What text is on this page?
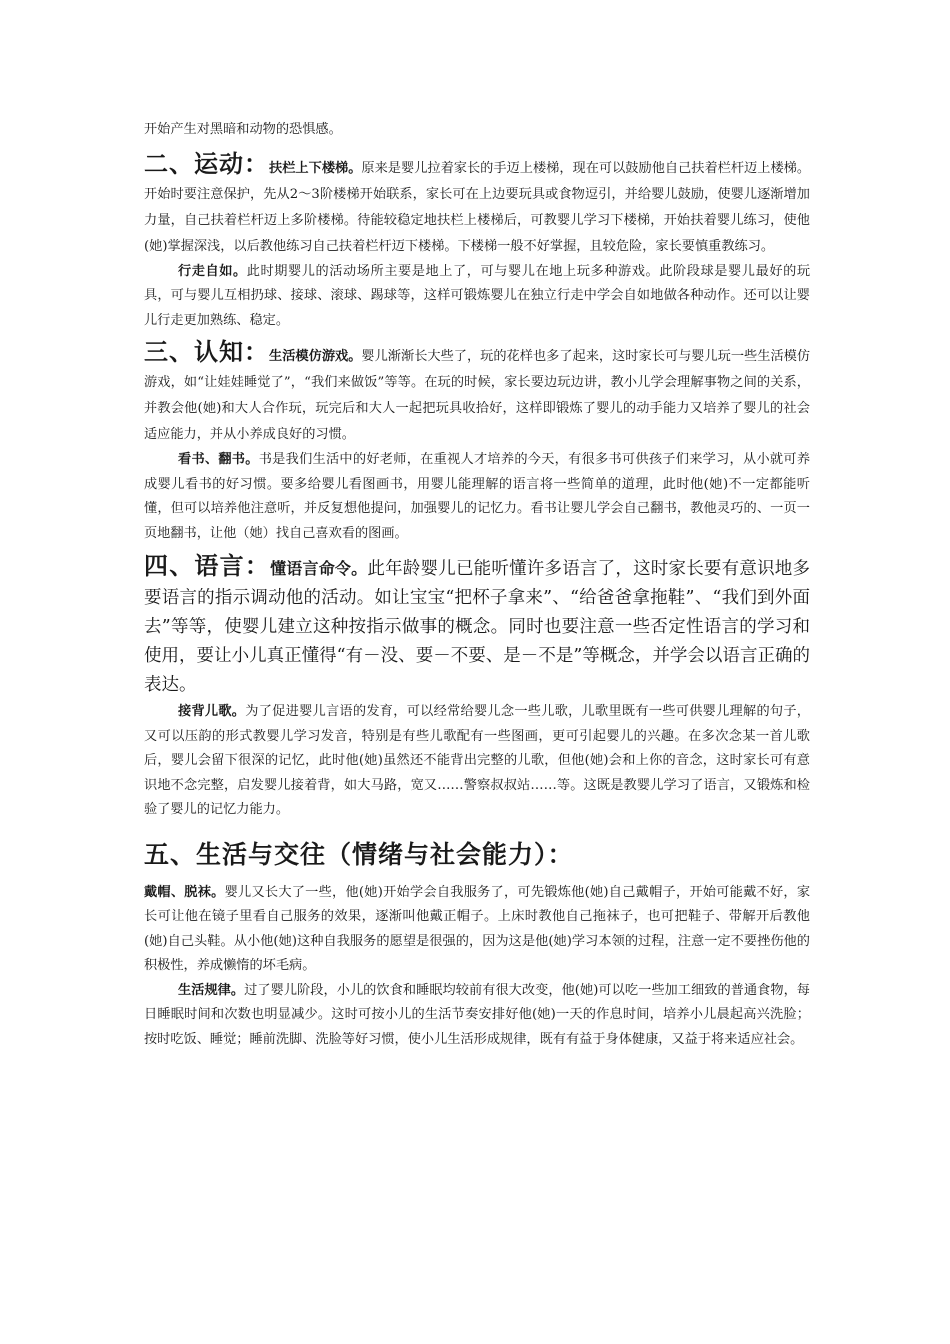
开始产生对黑暗和动物的恐惧感。

二、运动：扶栏上下楼梯。原来是婴儿拉着家长的手迈上楼梯，现在可以鼓励他自己扶着栏杆迈上楼梯。开始时要注意保护，先从2～3阶楼梯开始联系，家长可在上边要玩具或食物逗引，并给婴儿鼓励，使婴儿逐渐增加力量，自己扶着栏杆迈上多阶楼梯。待能较稳定地扶栏上楼梯后，可教婴儿学习下楼梯，开始扶着婴儿练习，使他(她)掌握深浅，以后教他练习自己扶着栏杆迈下楼梯。下楼梯一般不好掌握，且较危险，家长要慎重教练习。

行走自如。此时期婴儿的活动场所主要是地上了，可与婴儿在地上玩多种游戏。此阶段球是婴儿最好的玩具，可与婴儿互相扔球、接球、滚球、踢球等，这样可锻炼婴儿在独立行走中学会自如地做各种动作。还可以让婴儿行走更加熟练、稳定。

三、认知：生活模仿游戏。婴儿渐渐长大些了，玩的花样也多了起来，这时家长可与婴儿玩一些生活模仿游戏，如“让娃娃睡觉了”，“我们来做饭”等等。在玩的时候，家长要边玩边讲，教小儿学会理解事物之间的关系，并教会他(她)和大人合作玩，玩完后和大人一起把玩具收拾好，这样即锻炼了婴儿的动手能力又培养了婴儿的社会适应能力，并从小养成良好的习惯。

看书、翻书。书是我们生活中的好老师，在重视人才培养的今天，有很多书可供孩子们来学习，从小就可养成婴儿看书的好习惯。要多给婴儿看图画书，用婴儿能理解的语言将一些简单的道理，此时他(她)不一定都能听懂，但可以培养他注意听，并反复想他提问，加强婴儿的记忆力。看书让婴儿学会自己翻书，教他灵巧的、一页一页地翻书，让他（她）找自己喜欢看的图画。

四、语言：懂语言命令。此年龄婴儿已能听懂许多语言了，这时家长要有意识地多要语言的指示调动他的活动。如让宝宝“把杯子拿来”、“给爸爸拿拖鞋”、“我们到外面去”等等，使婴儿建立这种按指示做事的概念。同时也要注意一些否定性语言的学习和使用，要让小儿真正懂得“有－没、要－不要、是－不是”等概念，并学会以语言正确的表达。

接背儿歌。为了促进婴儿言语的发育，可以经常给婴儿念一些儿歌，儿歌里既有一些可供婴儿理解的句子，又可以压韵的形式教婴儿学习发音，特别是有些儿歌配有一些图画，更可引起婴儿的兴趣。在多次念某一首儿歌后，婴儿会留下很深的记忆，此时他(她)虽然还不能背出完整的儿歌，但他(她)会和上你的音念，这时家长可有意识地不念完整，启发婴儿接着背，如大马路，宽又……警察叔叔站……等。这既是教婴儿学习了语言，又锻炼和检验了婴儿的记忆力能力。

五、生活与交往（情绪与社会能力）：

戴帽、脱袜。婴儿又长大了一些，他(她)开始学会自我服务了，可先锻炼他(她)自己戴帽子，开始可能戴不好，家长可让他在镜子里看自己服务的效果，逐渐叫他戴正帽子。上床时教他自己拖袜子，也可把鞋子、带解开后教他(她)自己头鞋。从小他(她)这种自我服务的愿望是很强的，因为这是他(她)学习本领的过程，注意一定不要挫伤他的积极性，养成懒惰的坏毛病。

生活规律。过了婴儿阶段，小儿的饮食和睡眠均较前有很大改变，他(她)可以吃一些加工细致的普通食物，每日睡眠时间和次数也明显减少。这时可按小儿的生活节奏安排好他(她)一天的作息时间，培养小儿晨起高兴洗脸；按时吃饭、睡觉；睡前洗脚、洗脸等好习惯，使小儿生活形成规律，既有有益于身体健康，又益于将来适应社会。
